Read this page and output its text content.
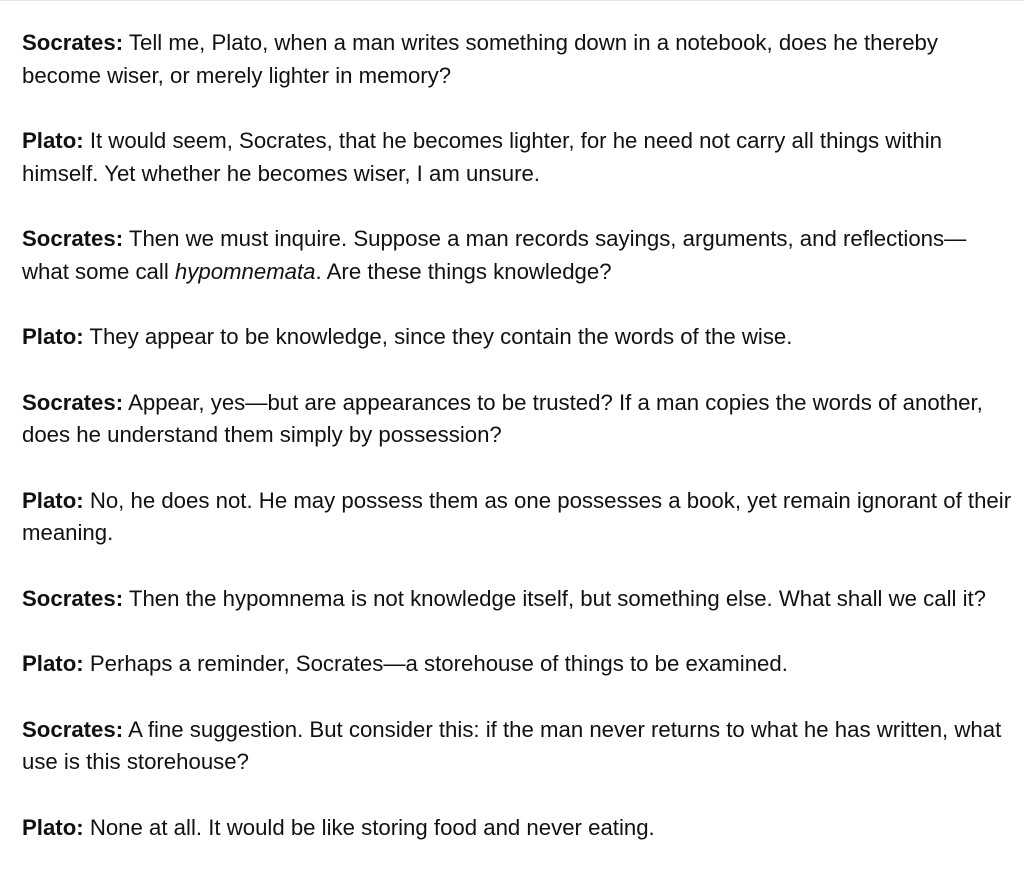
Socrates: Tell me, Plato, when a man writes something down in a notebook, does he thereby become wiser, or merely lighter in memory?

Plato: It would seem, Socrates, that he becomes lighter, for he need not carry all things within himself. Yet whether he becomes wiser, I am unsure.

Socrates: Then we must inquire. Suppose a man records sayings, arguments, and reflections—what some call hypomnemata. Are these things knowledge?

Plato: They appear to be knowledge, since they contain the words of the wise.

Socrates: Appear, yes—but are appearances to be trusted? If a man copies the words of another, does he understand them simply by possession?

Plato: No, he does not. He may possess them as one possesses a book, yet remain ignorant of their meaning.

Socrates: Then the hypomnema is not knowledge itself, but something else. What shall we call it?

Plato: Perhaps a reminder, Socrates—a storehouse of things to be examined.

Socrates: A fine suggestion. But consider this: if the man never returns to what he has written, what use is this storehouse?

Plato: None at all. It would be like storing food and never eating.
